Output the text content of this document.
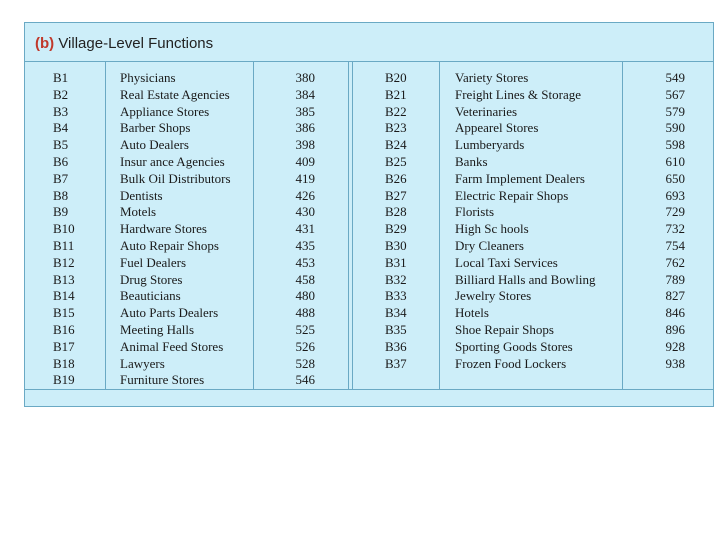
(b) Village-Level Functions
B1
B2
B3
B4
B5
B6
B7
B8
B9
B10
B11
B12
B13
B14
B15
B16
B17
B18
B19
Physicians
Real Estate Agencies
Appliance Stores
Barber Shops
Auto Dealers
Insur ance Agencies
Bulk Oil Distributors
Dentists
Motels
Hardware Stores
Auto Repair Shops
Fuel Dealers
Drug Stores
Beauticians
Auto Parts Dealers
Meeting Halls
Animal Feed Stores
Lawyers
Furniture Stores
380
384
385
386
398
409
419
426
430
431
435
453
458
480
488
525
526
528
546
B20
B21
B22
B23
B24
B25
B26
B27
B28
B29
B30
B31
B32
B33
B34
B35
B36
B37
Variety Stores
Freight Lines & Storage
Veterinaries
Appearel Stores
Lumberyards
Banks
Farm Implement Dealers
Electric Repair Shops
Florists
High Sc hools
Dry Cleaners
Local Taxi Services
Billiard Halls and Bowling
Jewelry Stores
Hotels
Shoe Repair Shops
Sporting Goods Stores
Frozen Food Lockers
549
567
579
590
598
610
650
693
729
732
754
762
789
827
846
896
928
938
